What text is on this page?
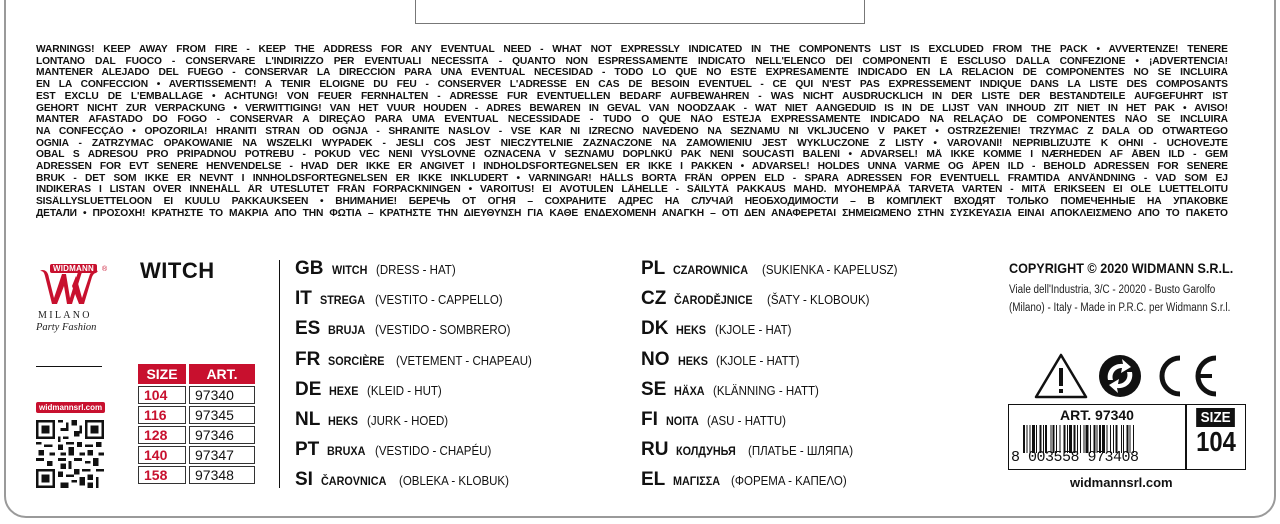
WARNINGS! KEEP AWAY FROM FIRE - KEEP THE ADDRESS FOR ANY EVENTUAL NEED - WHAT NOT EXPRESSLY INDICATED IN THE COMPONENTS LIST IS EXCLUDED FROM THE PACK • AVVERTENZE! TENERE
LONTANO DAL FUOCO - CONSERVARE L'INDIRIZZO PER EVENTUALI NECESSITÀ - QUANTO NON ESPRESSAMENTE INDICATO NELL'ELENCO DEI COMPONENTI È ESCLUSO DALLA CONFEZIONE • ¡ADVERTENCIA!
MANTENER ALEJADO DEL FUEGO - CONSERVAR LA DIRECCIÓN PARA UNA EVENTUAL NECESIDAD - TODO LO QUE NO ESTÉ EXPRESAMENTE INDICADO EN LA RELACIÓN DE COMPONENTES NO SE INCLUIRÁ
EN LA CONFECCIÓN • AVERTISSEMENT! A TENIR ELOIGNE DU FEU - CONSERVER L'ADRESSE EN CAS DE BESOIN EVENTUEL - CE QUI N'EST PAS EXPRESSEMENT INDIQUE DANS LA LISTE DES COMPOSANTS
EST EXCLU DE L'EMBALLAGE • ACHTUNG! VON FEUER FERNHALTEN - ADRESSE FÜR EVENTUELLEN BEDARF AUFBEWAHREN - WAS NICHT AUSDRÜCKLICH IN DER LISTE DER BESTANDTEILE AUFGEFÜHRT IST
GEHÖRT NICHT ZUR VERPACKUNG • VERWITTIGING! VAN HET VUUR HOUDEN - ADRES BEWAREN IN GEVAL VAN NOODZAAK - WAT NIET AANGEDUID IS IN DE LIJST VAN INHOUD ZIT NIET IN HET PAK • AVISO!
MANTER AFASTADO DO FOGO - CONSERVAR A DIREÇÃO PARA UMA EVENTUAL NECESSIDADE - TUDO O QUE NÃO ESTEJA EXPRESSAMENTE INDICADO NA RELAÇÃO DE COMPONENTES NÃO SE INCLUIRÁ
NA CONFECÇÃO • OPOZORILA! HRANITI STRAN OD OGNJA - SHRANITE NASLOV - VSE KAR NI IZRECNO NAVEDENO NA SEZNAMU NI VKLJUČENO V PAKET • OSTRZEŻENIE! TRZYMAĆ Z DALA OD OTWARTEGO
OGNIA - ZATRZYMAĆ OPAKOWANIE NA WSZELKI WYPADEK - JEŚLI COŚ JEST NIECZYTELNIE ZAZNACZONE NA ZAMÓWIENIU JEST WYKLUCZONE Z LISTY • VAROVÁNÍ! NEPŘIBLIŽUJTE K OHNI - UCHOVEJTE
OBAL S ADRESOU PRO PŘÍPADNOU POTŘEBU - POKUD VĚC NENÍ VÝSLOVNĚ OZNAČENA V SEZNAMU DOPLŇKŮ PAK NENÍ SOUČÁSTÍ BALENÍ • ADVARSEL! MÅ IKKE KOMME I NÆRHEDEN AF ÅBEN ILD - GEM
ADRESSEN FOR EVT SENERE HENVENDELSE - HVAD DER IKKE ER ANGIVET I INDHOLDSFORTEGNELSEN ER IKKE I PAKKEN • ADVARSEL! HOLDES UNNA VARME OG ÅPEN ILD - BEHOLD ADRESSEN FOR SENERE
BRUK - DET SOM IKKE ER NEVNT I INNHOLDSFORTEGNELSEN ER IKKE INKLUDERT • VARNINGAR! HÅLLS BORTA FRÅN ÖPPEN ELD - SPARA ADRESSEN FÖR EVENTUELL FRAMTIDA ANVÄNDNING - VAD SOM EJ
INDIKERAS I LISTAN ÖVER INNEHÅLL ÄR UTESLUTET FRÅN FÖRPACKNINGEN • VAROITUS! EI AVOTULEN LÄHELLE - SÄILYTÄ PAKKAUS MAHD. MYÖHEMPÄÄ TARVETA VARTEN - MITÄ ERIKSEEN EI OLE LUETTELOITU
SISÄLLYSLUETTELOON EI KUULU PAKKAUKSEEN • ВНИМАНИЕ! БЕРЕЧЬ ОТ ОГНЯ – СОХРАНИТЕ АДРЕС НА СЛУЧАЙ НЕОБХОДИМОСТИ – В КОМПЛЕКТ ВХОДЯТ ТОЛЬКО ПОМЕЧЕННЫЕ НА УПАКОВКЕ
ДЕТАЛИ • ΠΡΟΣΟΧΗ! ΚΡΑΤΗΣΤΕ ΤΟ ΜΑΚΡΙΑ ΑΠΟ ΤΗΝ ΦΩΤΙΑ – ΚΡΑΤΗΣΤΕ ΤΗΝ ΔΙΕΥΘΥΝΣΗ ΓΙΑ ΚΑΘΕ ΕΝΔΕΧΟΜΕΝΗ ΑΝΑΓΚΗ – ΟΤΙ ΔΕΝ ΑΝΑΦΕΡΕΤΑΙ ΣΗΜΕΙΩΜΕΝΟ ΣΤΗΝ ΣΥΣΚΕΥΑΣΙΑ ΕΙΝΑΙ ΑΠΟΚΛΕΙΣΜΕΝΟ ΑΠΟ ΤΟ ΠΑΚΕΤΟ
WIDMANN	®
MILANO
Party Fashion
WITCH
SIZE	ART.
104	97340
116	97345
128	97346
140	97347
158	97348
widmannsrl.com
GB WITCH (DRESS - HAT)
IT STREGA (VESTITO - CAPPELLO)
ES BRUJA (VESTIDO - SOMBRERO)
FR SORCIÈRE (VETEMENT - CHAPEAU)
DE HEXE (KLEID - HUT)
NL HEKS (JURK - HOED)
PT BRUXA (VESTIDO - CHAPÉU)
SI ČAROVNICA (OBLEKA - KLOBUK)
PL CZAROWNICA (SUKIENKA - KAPELUSZ)
CZ ČARODĚJNICE (ŠATY - KLOBOUK)
DK HEKS (KJOLE - HAT)
NO HEKS (KJOLE - HATT)
SE HÄXA (KLÄNNING - HATT)
FI NOITA (ASU - HATTU)
RU КОЛДУНЬЯ (ПЛАТЬЕ - ШЛЯПА)
EL ΜΑΓΙΣΣΑ (ΦΟΡΕΜΑ - ΚΑΠΕΛΟ)
COPYRIGHT © 2020 WIDMANN S.R.L.
Viale dell'Industria, 3/C - 20020 - Busto Garolfo
(Milano) - Italy - Made in P.R.C. per Widmann S.r.l.
ART. 97340
8 003558 973408
SIZE
104
widmannsrl.com
